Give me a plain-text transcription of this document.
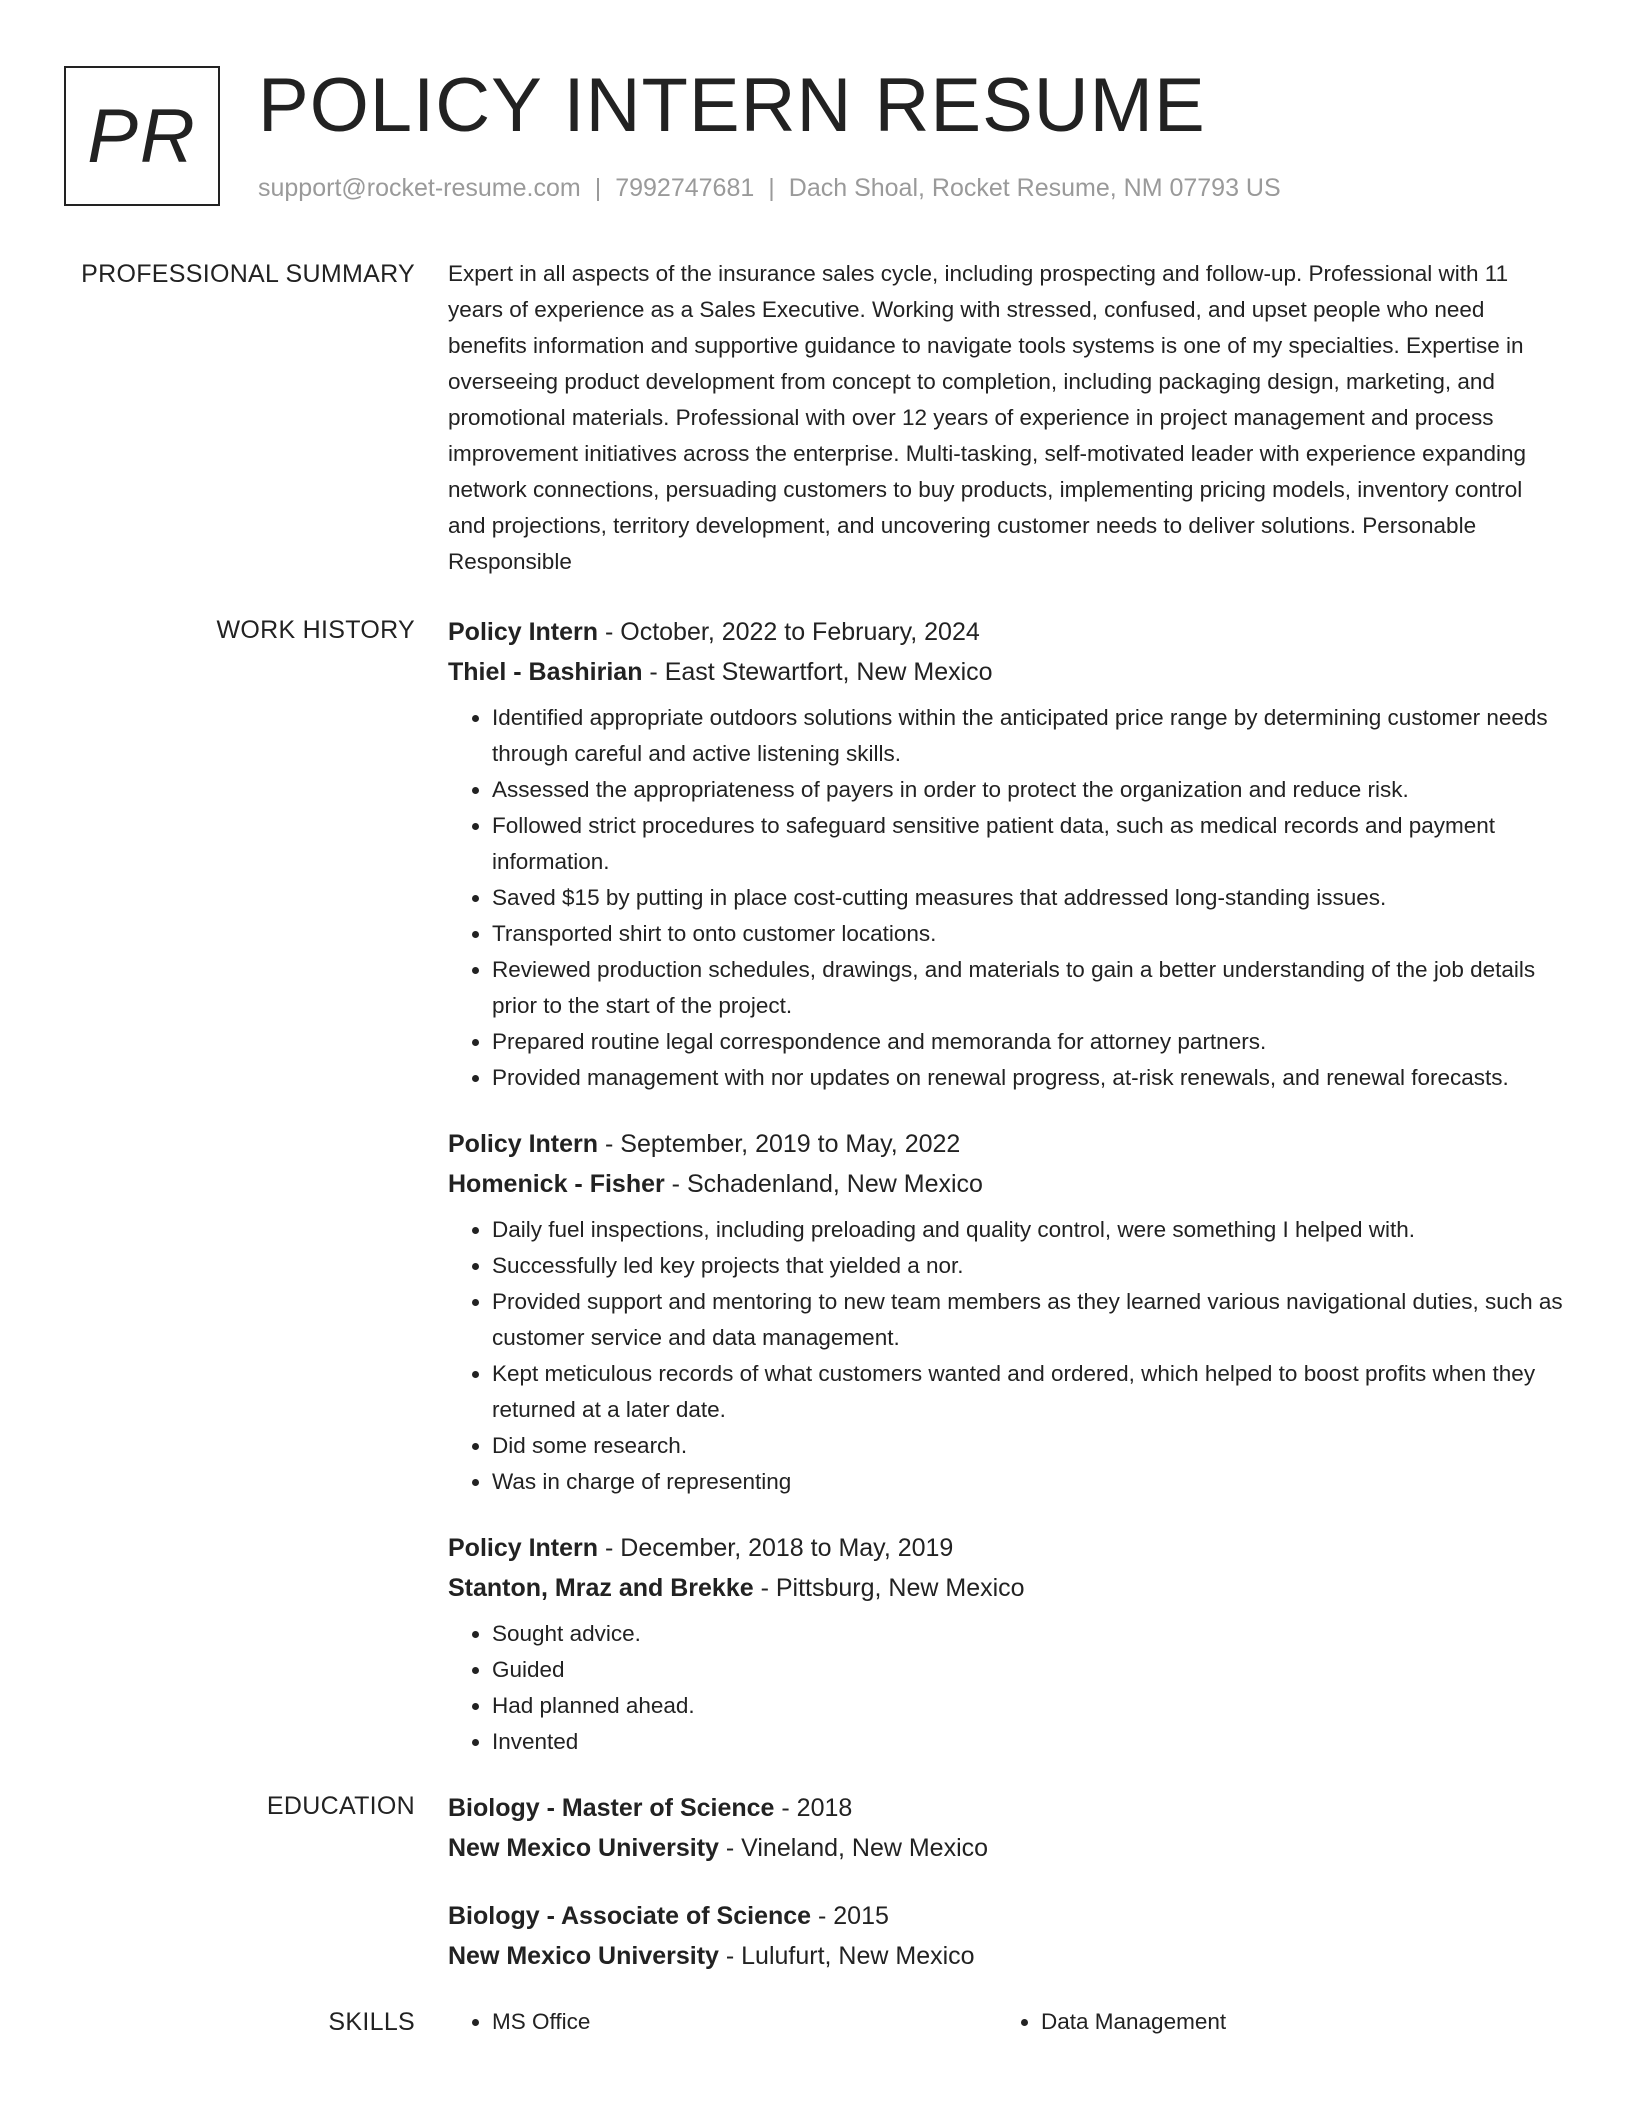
PR POLICY INTERN RESUME
support@rocket-resume.com | 7992747681 | Dach Shoal, Rocket Resume, NM 07793 US
PROFESSIONAL SUMMARY Expert in all aspects of the insurance sales cycle, including prospecting and follow-up. Professional with 11 years of experience as a Sales Executive. Working with stressed, confused, and upset people who need benefits information and supportive guidance to navigate tools systems is one of my specialties. Expertise in overseeing product development from concept to completion, including packaging design, marketing, and promotional materials. Professional with over 12 years of experience in project management and process improvement initiatives across the enterprise. Multi-tasking, self-motivated leader with experience expanding network connections, persuading customers to buy products, implementing pricing models, inventory control and projections, territory development, and uncovering customer needs to deliver solutions. Personable Responsible

WORK HISTORY Policy Intern - October, 2022 to February, 2024
Thiel - Bashirian - East Stewartfort, New Mexico
• Identified appropriate outdoors solutions within the anticipated price range by determining customer needs through careful and active listening skills.
• Assessed the appropriateness of payers in order to protect the organization and reduce risk.
• Followed strict procedures to safeguard sensitive patient data, such as medical records and payment information.
• Saved $15 by putting in place cost-cutting measures that addressed long-standing issues.
• Transported shirt to onto customer locations.
• Reviewed production schedules, drawings, and materials to gain a better understanding of the job details prior to the start of the project.
• Prepared routine legal correspondence and memoranda for attorney partners.
• Provided management with nor updates on renewal progress, at-risk renewals, and renewal forecasts.
Policy Intern - September, 2019 to May, 2022
Homenick - Fisher - Schadenland, New Mexico
• Daily fuel inspections, including preloading and quality control, were something I helped with.
• Successfully led key projects that yielded a nor.
• Provided support and mentoring to new team members as they learned various navigational duties, such as customer service and data management.
• Kept meticulous records of what customers wanted and ordered, which helped to boost profits when they returned at a later date.
• Did some research.
• Was in charge of representing
Policy Intern - December, 2018 to May, 2019
Stanton, Mraz and Brekke - Pittsburg, New Mexico
• Sought advice.
• Guided
• Had planned ahead.
• Invented
EDUCATION Biology - Master of Science - 2018
New Mexico University - Vineland, New Mexico
Biology - Associate of Science - 2015
New Mexico University - Lulufurt, New Mexico
SKILLS	• MS Office	• Data Management
